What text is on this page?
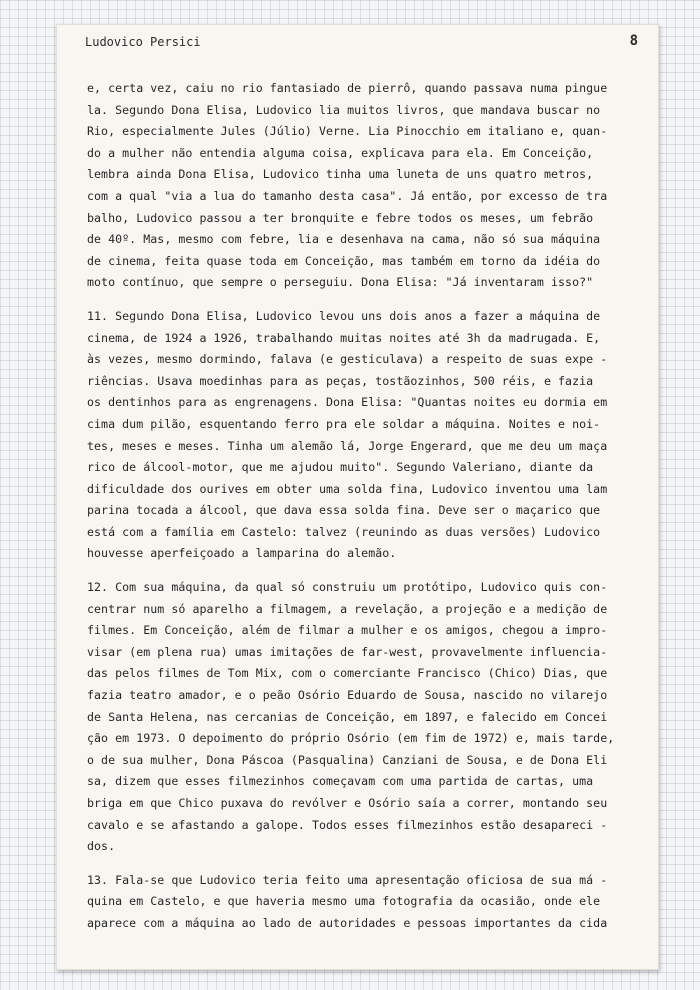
Ludovico Persici	8
e, certa vez, caiu no rio fantasiado de pierrô, quando passava numa pingue
la. Segundo Dona Elisa, Ludovico lia muitos livros, que mandava buscar no
Rio, especialmente Jules (Júlio) Verne. Lia Pinocchio em italiano e, quan-
do a mulher não entendia alguma coisa, explicava para ela. Em Conceição,
lembra ainda Dona Elisa, Ludovico tinha uma luneta de uns quatro metros,
com a qual "via a lua do tamanho desta casa". Já então, por excesso de tra
balho, Ludovico passou a ter bronquite e febre todos os meses, um febrão
de 40º. Mas, mesmo com febre, lia e desenhava na cama, não só sua máquina
de cinema, feita quase toda em Conceição, mas também em torno da idéia do
moto contínuo, que sempre o perseguiu. Dona Elisa: "Já inventaram isso?"
11. Segundo Dona Elisa, Ludovico levou uns dois anos a fazer a máquina de
cinema, de 1924 a 1926, trabalhando muitas noites até 3h da madrugada. E,
às vezes, mesmo dormindo, falava (e gesticulava) a respeito de suas expe -
riências. Usava moedinhas para as peças, tostãozinhos, 500 réis, e fazia
os dentinhos para as engrenagens. Dona Elisa: "Quantas noites eu dormia em
cima dum pilão, esquentando ferro pra ele soldar a máquina. Noites e noi-
tes, meses e meses. Tinha um alemão lá, Jorge Engerard, que me deu um maça
rico de álcool-motor, que me ajudou muito". Segundo Valeriano, diante da
dificuldade dos ourives em obter uma solda fina, Ludovico inventou uma lam
parina tocada a álcool, que dava essa solda fina. Deve ser o maçarico que
está com a família em Castelo: talvez (reunindo as duas versões) Ludovico
houvesse aperfeiçoado a lamparina do alemão.
12. Com sua máquina, da qual só construiu um protótipo, Ludovico quis con-
centrar num só aparelho a filmagem, a revelação, a projeção e a medição de
filmes. Em Conceição, além de filmar a mulher e os amigos, chegou a impro-
visar (em plena rua) umas imitações de far-west, provavelmente influencia-
das pelos filmes de Tom Mix, com o comerciante Francisco (Chico) Dias, que
fazia teatro amador, e o peão Osório Eduardo de Sousa, nascido no vilarejo
de Santa Helena, nas cercanias de Conceição, em 1897, e falecido em Concei
ção em 1973. O depoimento do próprio Osório (em fim de 1972) e, mais tarde,
o de sua mulher, Dona Páscoa (Pasqualina) Canziani de Sousa, e de Dona Eli
sa, dizem que esses filmezinhos começavam com uma partida de cartas, uma
briga em que Chico puxava do revólver e Osório saía a correr, montando seu
cavalo e se afastando a galope. Todos esses filmezinhos estão desapareci -
dos.
13. Fala-se que Ludovico teria feito uma apresentação oficiosa de sua má -
quina em Castelo, e que haveria mesmo uma fotografia da ocasião, onde ele
aparece com a máquina ao lado de autoridades e pessoas importantes da cida
